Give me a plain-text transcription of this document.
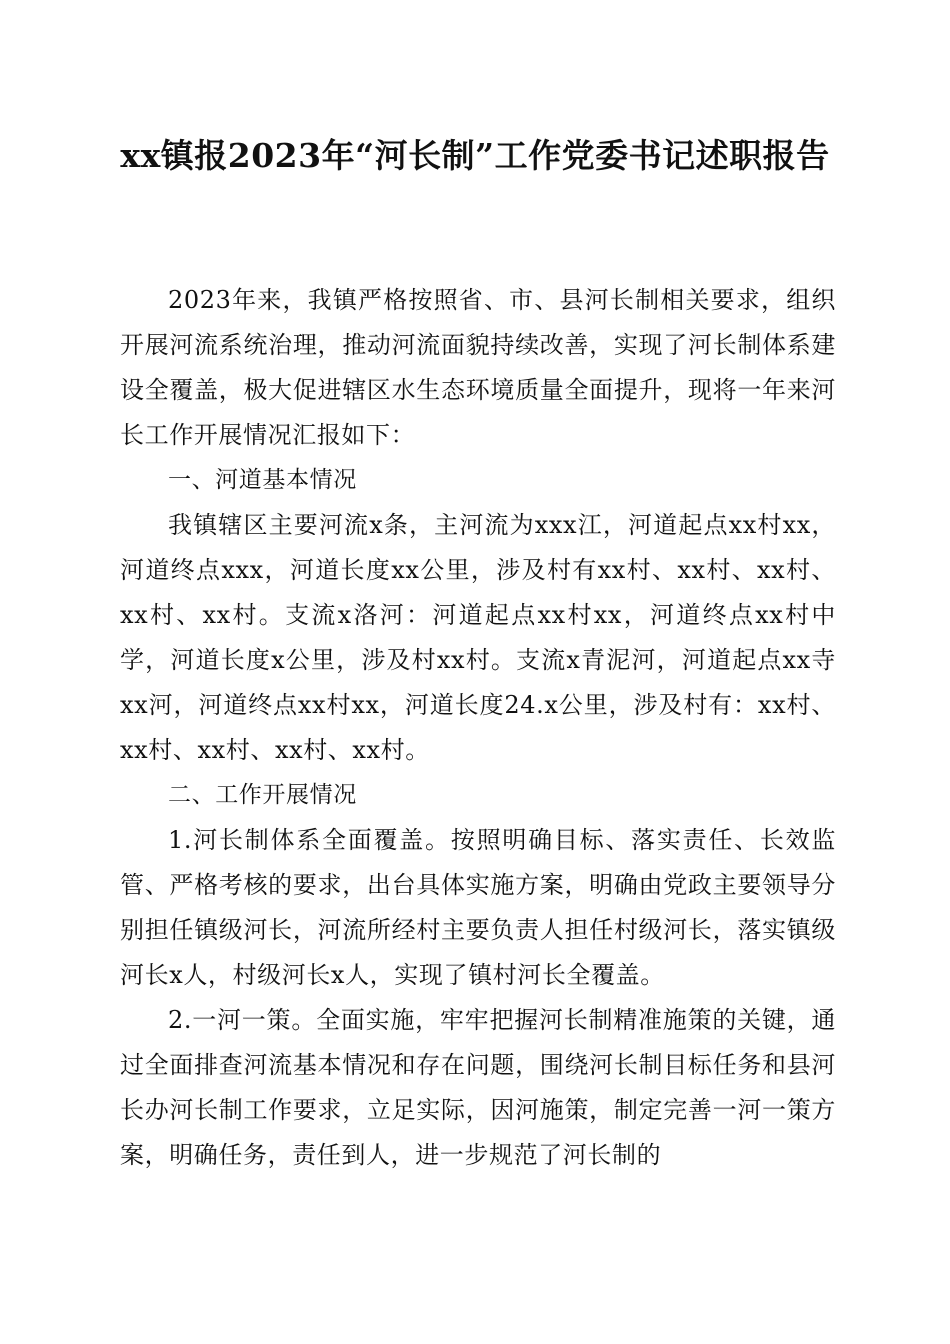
xx镇报2023年“河长制”工作党委书记述职报告

2023年来，我镇严格按照省、市、县河长制相关要求，组织开展河流系统治理，推动河流面貌持续改善，实现了河长制体系建设全覆盖，极大促进辖区水生态环境质量全面提升，现将一年来河长工作开展情况汇报如下：

一、河道基本情况

我镇辖区主要河流x条，主河流为xxx江，河道起点xx村xx，河道终点xxx，河道长度xx公里，涉及村有xx村、xx村、xx村、xx村、xx村。支流x洛河：河道起点xx村xx，河道终点xx村中学，河道长度x公里，涉及村xx村。支流x青泥河，河道起点xx寺xx河，河道终点xx村xx，河道长度24.x公里，涉及村有：xx村、xx村、xx村、xx村、xx村。

二、工作开展情况

1.河长制体系全面覆盖。按照明确目标、落实责任、长效监管、严格考核的要求，出台具体实施方案，明确由党政主要领导分别担任镇级河长，河流所经村主要负责人担任村级河长，落实镇级河长x人，村级河长x人，实现了镇村河长全覆盖。

2.一河一策。全面实施，牢牢把握河长制精准施策的关键，通过全面排查河流基本情况和存在问题，围绕河长制目标任务和县河长办河长制工作要求，立足实际，因河施策，制定完善一河一策方案，明确任务，责任到人，进一步规范了河长制的
